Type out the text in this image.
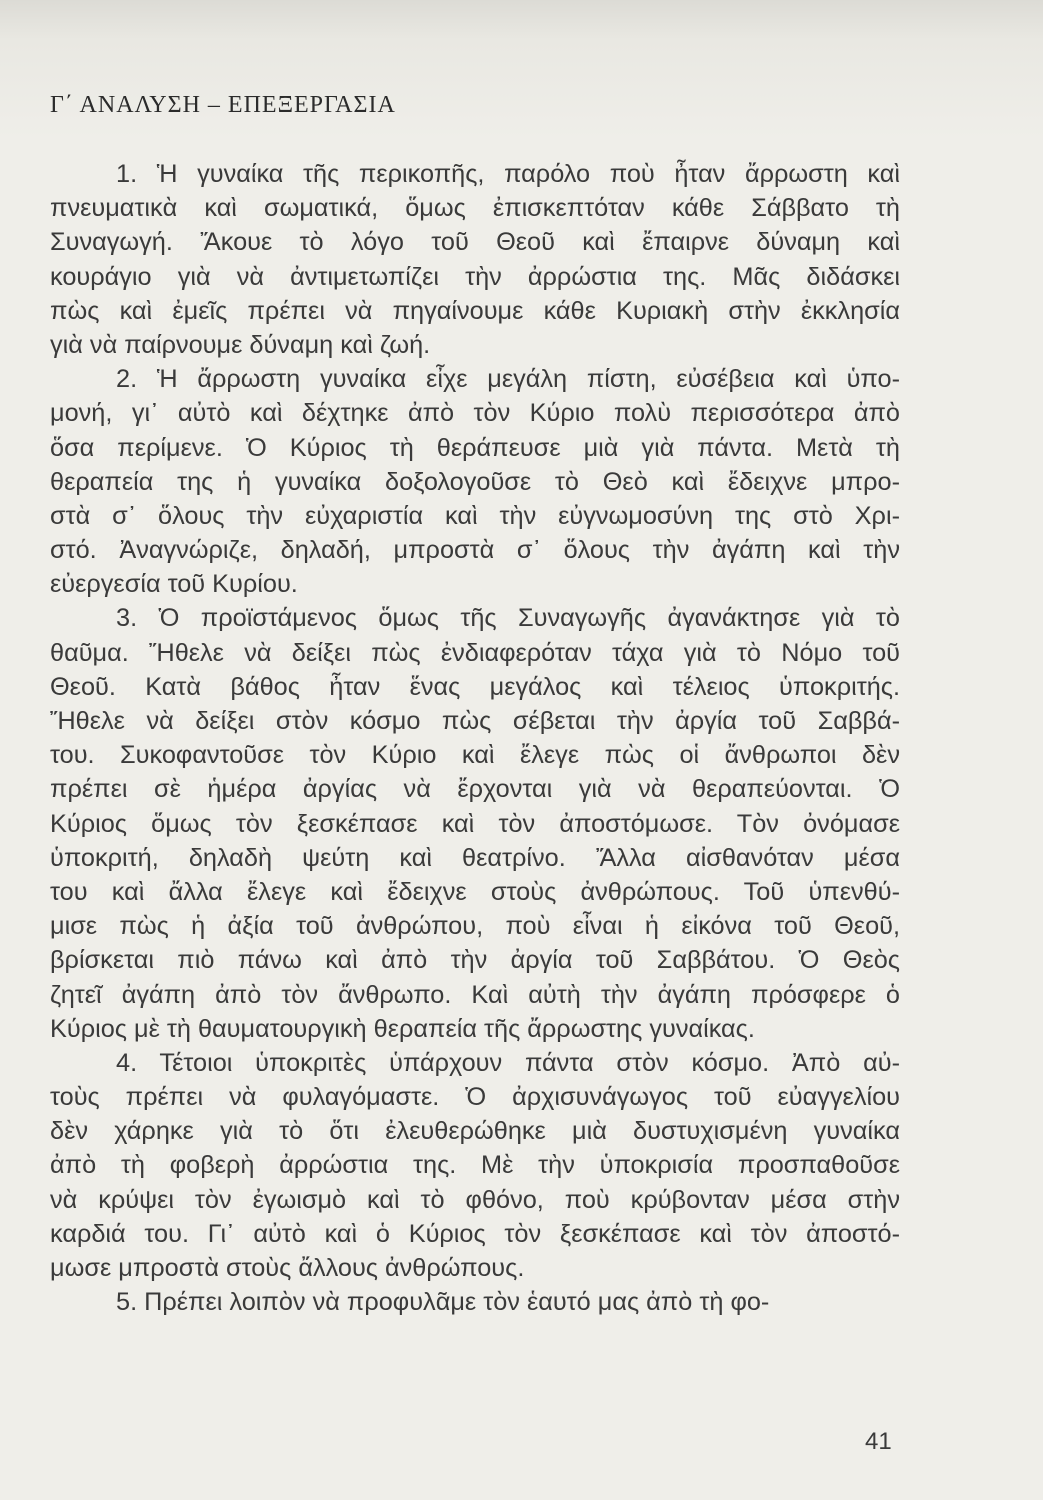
Γ΄ ΑΝΑΛΥΣΗ – ΕΠΕΞΕΡΓΑΣΙΑ
1. Ἡ γυναίκα τῆς περικοπῆς, παρόλο ποὺ ἦταν ἄρρωστη καὶ
πνευματικὰ καὶ σωματικά, ὅμως ἐπισκεπτόταν κάθε Σάββατο τὴ
Συναγωγή. Ἄκουε τὸ λόγο τοῦ Θεοῦ καὶ ἔπαιρνε δύναμη καὶ
κουράγιο γιὰ νὰ ἀντιμετωπίζει τὴν ἀρρώστια της. Μᾶς διδάσκει
πὼς καὶ ἐμεῖς πρέπει νὰ πηγαίνουμε κάθε Κυριακὴ στὴν ἐκκλησία
γιὰ νὰ παίρνουμε δύναμη καὶ ζωή.
2. Ἡ ἄρρωστη γυναίκα εἶχε μεγάλη πίστη, εὐσέβεια καὶ ὑπο-
μονή, γι᾽ αὐτὸ καὶ δέχτηκε ἀπὸ τὸν Κύριο πολὺ περισσότερα ἀπὸ
ὅσα περίμενε. Ὁ Κύριος τὴ θεράπευσε μιὰ γιὰ πάντα. Μετὰ τὴ
θεραπεία της ἡ γυναίκα δοξολογοῦσε τὸ Θεὸ καὶ ἔδειχνε μπρο-
στὰ σ᾽ ὅλους τὴν εὐχαριστία καὶ τὴν εὐγνωμοσύνη της στὸ Χρι-
στό. Ἀναγνώριζε, δηλαδή, μπροστὰ σ᾽ ὅλους τὴν ἀγάπη καὶ τὴν
εὐεργεσία τοῦ Κυρίου.
3. Ὁ προϊστάμενος ὅμως τῆς Συναγωγῆς ἀγανάκτησε γιὰ τὸ
θαῦμα. Ἤθελε νὰ δείξει πὼς ἐνδιαφερόταν τάχα γιὰ τὸ Νόμο τοῦ
Θεοῦ. Κατὰ βάθος ἦταν ἕνας μεγάλος καὶ τέλειος ὑποκριτής.
Ἤθελε νὰ δείξει στὸν κόσμο πὼς σέβεται τὴν ἀργία τοῦ Σαββά-
του. Συκοφαντοῦσε τὸν Κύριο καὶ ἔλεγε πὼς οἱ ἄνθρωποι δὲν
πρέπει σὲ ἡμέρα ἀργίας νὰ ἔρχονται γιὰ νὰ θεραπεύονται. Ὁ
Κύριος ὅμως τὸν ξεσκέπασε καὶ τὸν ἀποστόμωσε. Τὸν ὀνόμασε
ὑποκριτή, δηλαδὴ ψεύτη καὶ θεατρίνο. Ἄλλα αἰσθανόταν μέσα
του καὶ ἄλλα ἔλεγε καὶ ἔδειχνε στοὺς ἀνθρώπους. Τοῦ ὑπενθύ-
μισε πὼς ἡ ἀξία τοῦ ἀνθρώπου, ποὺ εἶναι ἡ εἰκόνα τοῦ Θεοῦ,
βρίσκεται πιὸ πάνω καὶ ἀπὸ τὴν ἀργία τοῦ Σαββάτου. Ὁ Θεὸς
ζητεῖ ἀγάπη ἀπὸ τὸν ἄνθρωπο. Καὶ αὐτὴ τὴν ἀγάπη πρόσφερε ὁ
Κύριος μὲ τὴ θαυματουργικὴ θεραπεία τῆς ἄρρωστης γυναίκας.
4. Τέτοιοι ὑποκριτὲς ὑπάρχουν πάντα στὸν κόσμο. Ἀπὸ αὐ-
τοὺς πρέπει νὰ φυλαγόμαστε. Ὁ ἀρχισυνάγωγος τοῦ εὐαγγελίου
δὲν χάρηκε γιὰ τὸ ὅτι ἐλευθερώθηκε μιὰ δυστυχισμένη γυναίκα
ἀπὸ τὴ φοβερὴ ἀρρώστια της. Μὲ τὴν ὑποκρισία προσπαθοῦσε
νὰ κρύψει τὸν ἐγωισμὸ καὶ τὸ φθόνο, ποὺ κρύβονταν μέσα στὴν
καρδιά του. Γι᾽ αὐτὸ καὶ ὁ Κύριος τὸν ξεσκέπασε καὶ τὸν ἀποστό-
μωσε μπροστὰ στοὺς ἄλλους ἀνθρώπους.
5. Πρέπει λοιπὸν νὰ προφυλᾶμε τὸν ἑαυτό μας ἀπὸ τὴ φο-
41
